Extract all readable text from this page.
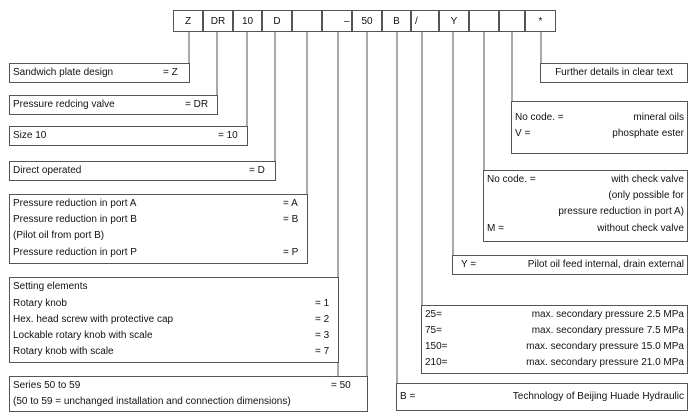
Z	DR	10	D	–	50	B	/	Y	*
Sandwich plate design	= Z
Pressure redcing valve	= DR
Size 10	= 10
Direct operated	= D
Pressure reduction in port A	= A
Pressure reduction in port B	= B
(Pilot oil from port B)
Pressure reduction in port P	= P
Setting elements
Rotary knob	= 1
Hex. head screw with protective cap	= 2
Lockable rotary knob with scale	= 3
Rotary knob with scale	= 7
Series 50 to 59	= 50
(50 to 59 = unchanged installation and connection dimensions)
Further details in clear text
No code. =	mineral oils
V =	phosphate ester
No code. =	with check valve
(only possible for
pressure reduction in port A)
M =	without check valve
Y =	Pilot oil feed internal, drain external
25=	max. secondary pressure 2.5 MPa
75=	max. secondary pressure 7.5 MPa
150=	max. secondary pressure 15.0 MPa
210=	max. secondary pressure 21.0 MPa
B =	Technology of Beijing Huade Hydraulic
